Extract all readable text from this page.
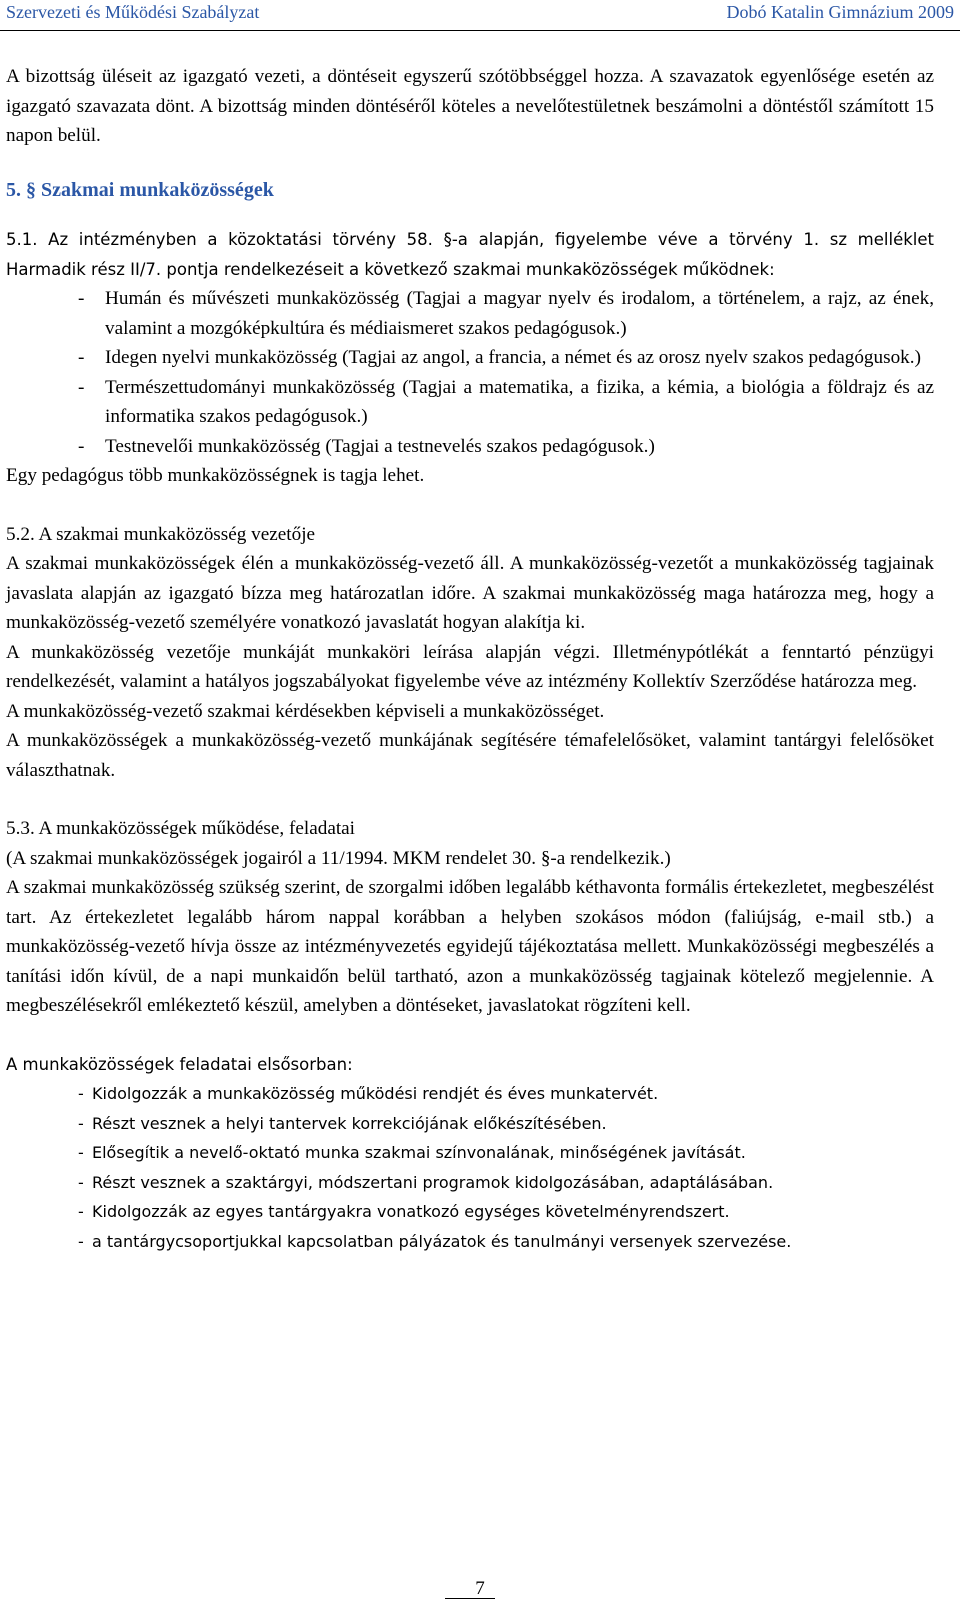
Szervezeti és Működési Szabályzat	Dobó Katalin Gimnázium 2009

A bizottság üléseit az igazgató vezeti, a döntéseit egyszerű szótöbbséggel hozza. A szavazatok egyenlősége esetén az igazgató szavazata dönt. A bizottság minden döntéséről köteles a nevelőtestületnek beszámolni a döntéstől számított 15 napon belül.

5. § Szakmai munkaközösségek

5.1. Az intézményben a közoktatási törvény 58. §-a alapján, figyelembe véve a törvény 1. sz melléklet Harmadik rész II/7. pontja rendelkezéseit a következő szakmai munkaközösségek működnek:

- Humán és művészeti munkaközösség (Tagjai a magyar nyelv és irodalom, a történelem, a rajz, az ének, valamint a mozgóképkultúra és médiaismeret szakos pedagógusok.)
- Idegen nyelvi munkaközösség (Tagjai az angol, a francia, a német és az orosz nyelv szakos pedagógusok.)
- Természettudományi munkaközösség (Tagjai a matematika, a fizika, a kémia, a biológia a földrajz és az informatika szakos pedagógusok.)
- Testnevelői munkaközösség (Tagjai a testnevelés szakos pedagógusok.)

Egy pedagógus több munkaközösségnek is tagja lehet.

5.2. A szakmai munkaközösség vezetője

A szakmai munkaközösségek élén a munkaközösség-vezető áll. A munkaközösség-vezetőt a munkaközösség tagjainak javaslata alapján az igazgató bízza meg határozatlan időre. A szakmai munkaközösség maga határozza meg, hogy a munkaközösség-vezető személyére vonatkozó javaslatát hogyan alakítja ki.

A munkaközösség vezetője munkáját munkaköri leírása alapján végzi. Illetménypótlékát a fenntartó pénzügyi rendelkezését, valamint a hatályos jogszabályokat figyelembe véve az intézmény Kollektív Szerződése határozza meg.

A munkaközösség-vezető szakmai kérdésekben képviseli a munkaközösséget.

A munkaközösségek a munkaközösség-vezető munkájának segítésére témafelelősöket, valamint tantárgyi felelősöket választhatnak.

5.3. A munkaközösségek működése, feladatai

(A szakmai munkaközösségek jogairól a 11/1994. MKM rendelet 30. §-a rendelkezik.)

A szakmai munkaközösség szükség szerint, de szorgalmi időben legalább kéthavonta formális értekezletet, megbeszélést tart. Az értekezletet legalább három nappal korábban a helyben szokásos módon (faliújság, e-mail stb.) a munkaközösség-vezető hívja össze az intézményvezetés egyidejű tájékoztatása mellett. Munkaközösségi megbeszélés a tanítási időn kívül, de a napi munkaidőn belül tartható, azon a munkaközösség tagjainak kötelező megjelennie. A megbeszélésekről emlékeztető készül, amelyben a döntéseket, javaslatokat rögzíteni kell.

A munkaközösségek feladatai elsősorban:

- Kidolgozzák a munkaközösség működési rendjét és éves munkatervét.
- Részt vesznek a helyi tantervek korrekciójának előkészítésében.
- Elősegítik a nevelő-oktató munka szakmai színvonalának, minőségének javítását.
- Részt vesznek a szaktárgyi, módszertani programok kidolgozásában, adaptálásában.
- Kidolgozzák az egyes tantárgyakra vonatkozó egységes követelményrendszert.
- a tantárgycsoportjukkal kapcsolatban pályázatok és tanulmányi versenyek szervezése.
7
